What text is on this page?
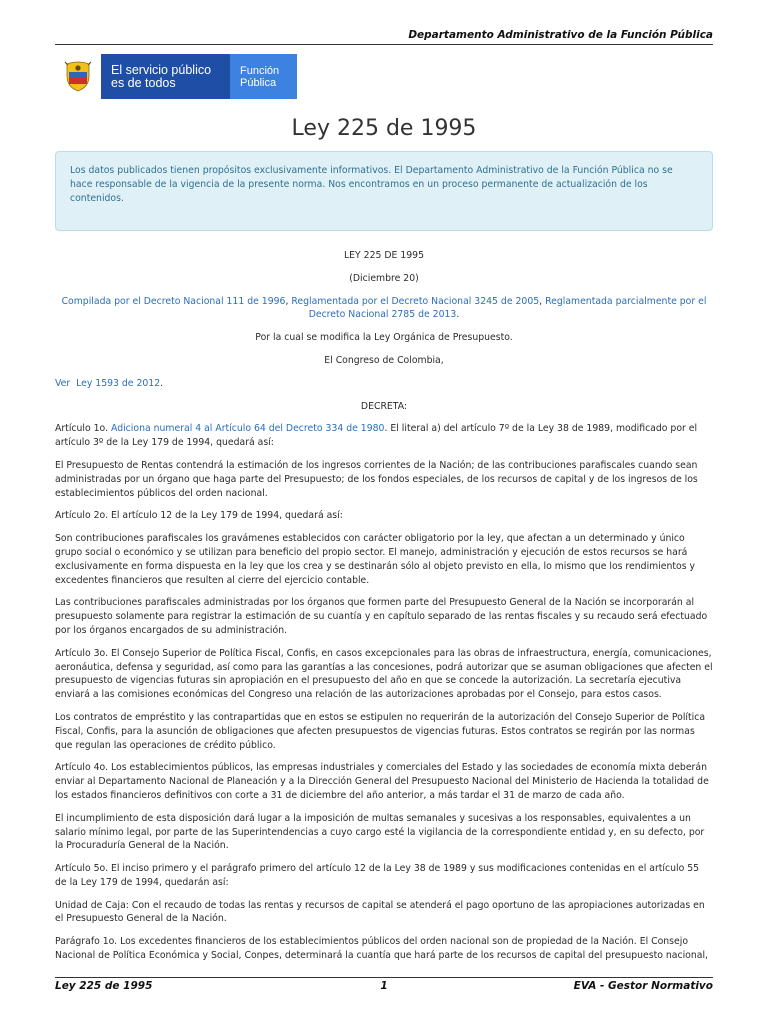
Departamento Administrativo de la Función Pública
El servicio público
es de todos
Función
Pública
Ley 225 de 1995
Los datos publicados tienen propósitos exclusivamente informativos. El Departamento Administrativo de la Función Pública no se hace responsable de la vigencia de la presente norma. Nos encontramos en un proceso permanente de actualización de los contenidos.

LEY 225 DE 1995

(Diciembre 20)

Compilada por el Decreto Nacional 111 de 1996, Reglamentada por el Decreto Nacional 3245 de 2005, Reglamentada parcialmente por el Decreto Nacional 2785 de 2013.

Por la cual se modifica la Ley Orgánica de Presupuesto.

El Congreso de Colombia,

Ver  Ley 1593 de 2012.

DECRETA:

Artículo 1o. Adiciona numeral 4 al Artículo 64 del Decreto 334 de 1980. El literal a) del artículo 7º de la Ley 38 de 1989, modificado por el artículo 3º de la Ley 179 de 1994, quedará así:

El Presupuesto de Rentas contendrá la estimación de los ingresos corrientes de la Nación; de las contribuciones parafiscales cuando sean administradas por un órgano que haga parte del Presupuesto; de los fondos especiales, de los recursos de capital y de los ingresos de los establecimientos públicos del orden nacional.

Artículo 2o. El artículo 12 de la Ley 179 de 1994, quedará así:

Son contribuciones parafiscales los gravámenes establecidos con carácter obligatorio por la ley, que afectan a un determinado y único grupo social o económico y se utilizan para beneficio del propio sector. El manejo, administración y ejecución de estos recursos se hará exclusivamente en forma dispuesta en la ley que los crea y se destinarán sólo al objeto previsto en ella, lo mismo que los rendimientos y excedentes financieros que resulten al cierre del ejercicio contable.

Las contribuciones parafiscales administradas por los órganos que formen parte del Presupuesto General de la Nación se incorporarán al presupuesto solamente para registrar la estimación de su cuantía y en capítulo separado de las rentas fiscales y su recaudo será efectuado por los órganos encargados de su administración.

Artículo 3o. El Consejo Superior de Política Fiscal, Confis, en casos excepcionales para las obras de infraestructura, energía, comunicaciones, aeronáutica, defensa y seguridad, así como para las garantías a las concesiones, podrá autorizar que se asuman obligaciones que afecten el presupuesto de vigencias futuras sin apropiación en el presupuesto del año en que se concede la autorización. La secretaría ejecutiva enviará a las comisiones económicas del Congreso una relación de las autorizaciones aprobadas por el Consejo, para estos casos.

Los contratos de empréstito y las contrapartidas que en estos se estipulen no requerirán de la autorización del Consejo Superior de Política Fiscal, Confis, para la asunción de obligaciones que afecten presupuestos de vigencias futuras. Estos contratos se regirán por las normas que regulan las operaciones de crédito público.

Artículo 4o. Los establecimientos públicos, las empresas industriales y comerciales del Estado y las sociedades de economía mixta deberán enviar al Departamento Nacional de Planeación y a la Dirección General del Presupuesto Nacional del Ministerio de Hacienda la totalidad de los estados financieros definitivos con corte a 31 de diciembre del año anterior, a más tardar el 31 de marzo de cada año.

El incumplimiento de esta disposición dará lugar a la imposición de multas semanales y sucesivas a los responsables, equivalentes a un salario mínimo legal, por parte de las Superintendencias a cuyo cargo esté la vigilancia de la correspondiente entidad y, en su defecto, por la Procuraduría General de la Nación.

Artículo 5o. El inciso primero y el parágrafo primero del artículo 12 de la Ley 38 de 1989 y sus modificaciones contenidas en el artículo 55 de la Ley 179 de 1994, quedarán así:

Unidad de Caja: Con el recaudo de todas las rentas y recursos de capital se atenderá el pago oportuno de las apropiaciones autorizadas en el Presupuesto General de la Nación.

Parágrafo 1o. Los excedentes financieros de los establecimientos públicos del orden nacional son de propiedad de la Nación. El Consejo Nacional de Política Económica y Social, Conpes, determinará la cuantía que hará parte de los recursos de capital del presupuesto nacional,

Ley 225 de 1995	1	EVA - Gestor Normativo
